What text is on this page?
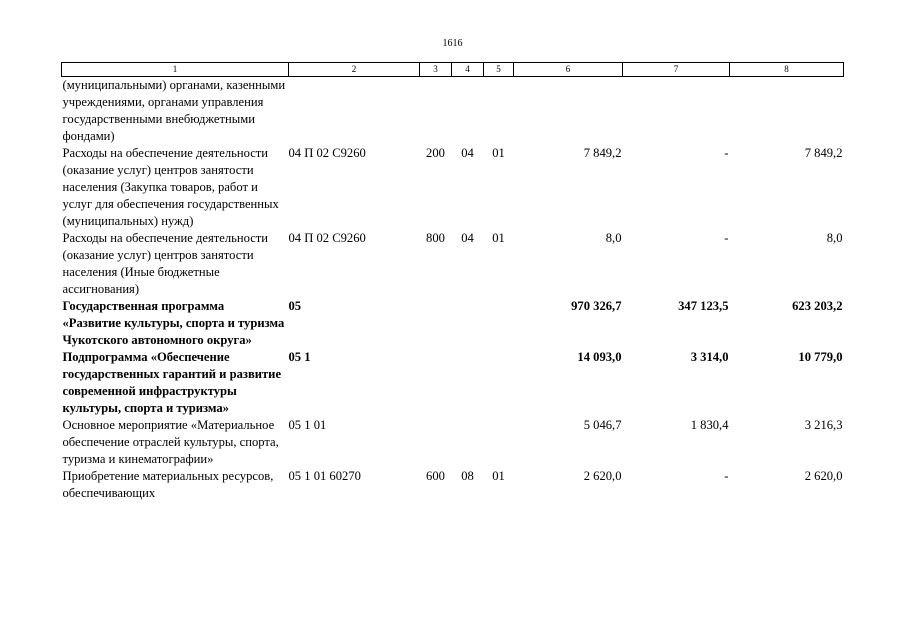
1616
1	2	3	4	5	6	7	8
(муниципальными) органами, казенными учреждениями, органами управления государственными внебюджетными фондами)							
Расходы на обеспечение деятельности (оказание услуг) центров занятости населения (Закупка товаров, работ и услуг для обеспечения государственных (муниципальных) нужд)	04 П 02 С9260	200	04	01	7 849,2	-	7 849,2
Расходы на обеспечение деятельности (оказание услуг) центров занятости населения (Иные бюджетные ассигнования)	04 П 02 С9260	800	04	01	8,0	-	8,0
Государственная программа «Развитие культуры, спорта и туризма Чукотского автономного округа»	05				970 326,7	347 123,5	623 203,2
Подпрограмма «Обеспечение государственных гарантий и развитие современной инфраструктуры культуры, спорта и туризма»	05 1				14 093,0	3 314,0	10 779,0
Основное мероприятие «Материальное обеспечение отраслей культуры, спорта, туризма и кинематографии»	05 1 01				5 046,7	1 830,4	3 216,3
Приобретение материальных ресурсов, обеспечивающих	05 1 01 60270	600	08	01	2 620,0	-	2 620,0
